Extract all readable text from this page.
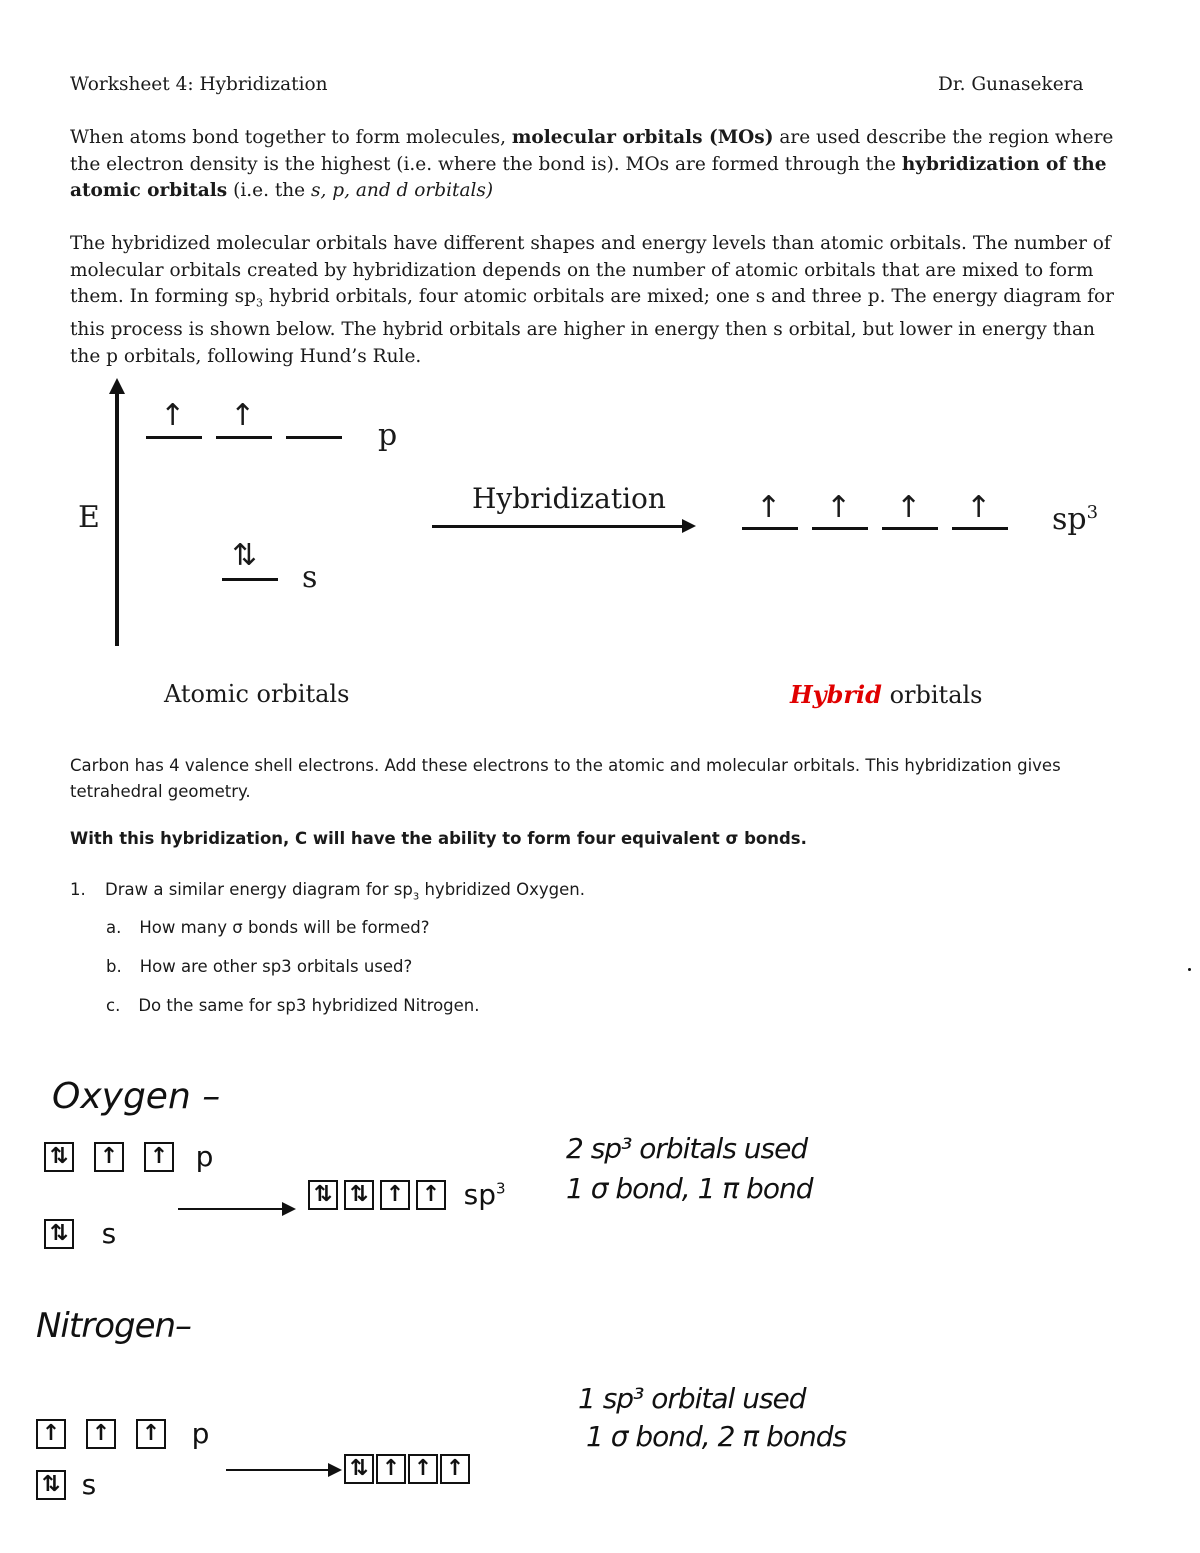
Worksheet 4: Hybridization	Dr. Gunasekera
When atoms bond together to form molecules, molecular orbitals (MOs) are used describe the region where the electron density is the highest (i.e. where the bond is). MOs are formed through the hybridization of the atomic orbitals (i.e. the s, p, and d orbitals)
The hybridized molecular orbitals have different shapes and energy levels than atomic orbitals. The number of molecular orbitals created by hybridization depends on the number of atomic orbitals that are mixed to form them. In forming $sp_3$ hybrid orbitals, four atomic orbitals are mixed; one s and three p. The energy diagram for this process is shown below. The hybrid orbitals are higher in energy then s orbital, but lower in energy than the p orbitals, following Hund’s Rule.
E
↑ ↑
p
⇅
s
Hybridization	↑ ↑ ↑ ↑ $sp^3$
Atomic orbitals	Hybrid orbitals
Carbon has 4 valence shell electrons. Add these electrons to the atomic and molecular orbitals. This hybridization gives tetrahedral geometry.
With this hybridization, C will have the ability to form four equivalent σ bonds.
1. Draw a similar energy diagram for $sp_3$ hybridized Oxygen.
a. How many σ bonds will be formed?
b. How are other sp3 orbitals used?
c. Do the same for sp3 hybridized Nitrogen.
Oxygen –
⇅ ↑ ↑ p
⇅ s
⇅ ⇅ ↑ ↑ $sp^3$
2 sp³ orbitals used
1 σ bond, 1 π bond
Nitrogen–
↑ ↑ ↑ p
⇅ s	⇅ ↑ ↑ ↑
1 sp³ orbital used
1 σ bond, 2 π bonds
